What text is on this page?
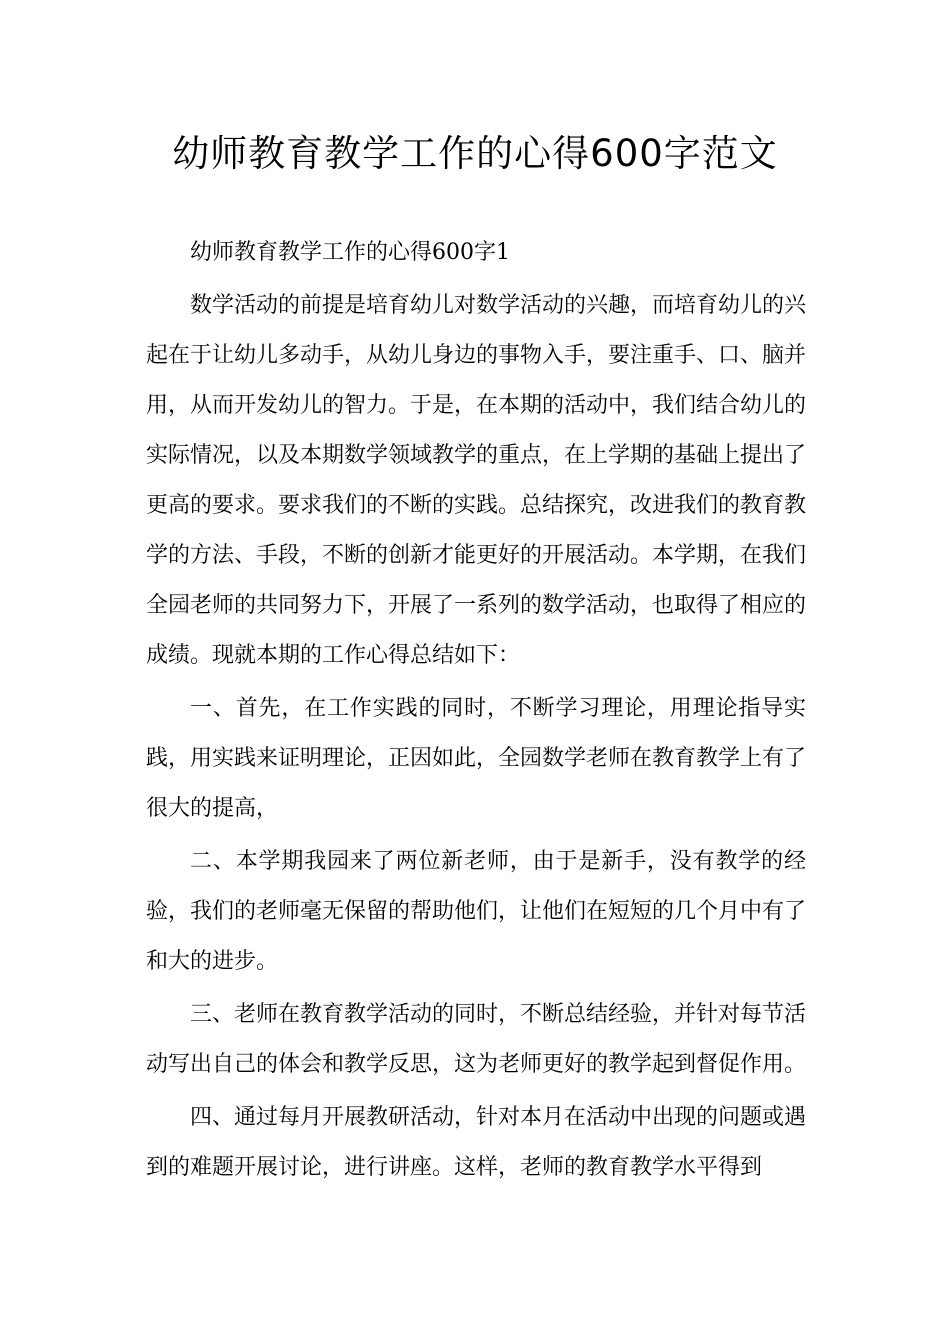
幼师教育教学工作的心得600字范文

幼师教育教学工作的心得600字1

数学活动的前提是培育幼儿对数学活动的兴趣，而培育幼儿的兴起在于让幼儿多动手，从幼儿身边的事物入手，要注重手、口、脑并用，从而开发幼儿的智力。于是，在本期的活动中，我们结合幼儿的实际情况，以及本期数学领域教学的重点，在上学期的基础上提出了更高的要求。要求我们的不断的实践。总结探究，改进我们的教育教学的方法、手段，不断的创新才能更好的开展活动。本学期，在我们全园老师的共同努力下，开展了一系列的数学活动，也取得了相应的成绩。现就本期的工作心得总结如下：

一、首先，在工作实践的同时，不断学习理论，用理论指导实践，用实践来证明理论，正因如此，全园数学老师在教育教学上有了很大的提高，

二、本学期我园来了两位新老师，由于是新手，没有教学的经验，我们的老师毫无保留的帮助他们，让他们在短短的几个月中有了和大的进步。

三、老师在教育教学活动的同时，不断总结经验，并针对每节活动写出自己的体会和教学反思，这为老师更好的教学起到督促作用。

四、通过每月开展教研活动，针对本月在活动中出现的问题或遇到的难题开展讨论，进行讲座。这样，老师的教育教学水平得到
